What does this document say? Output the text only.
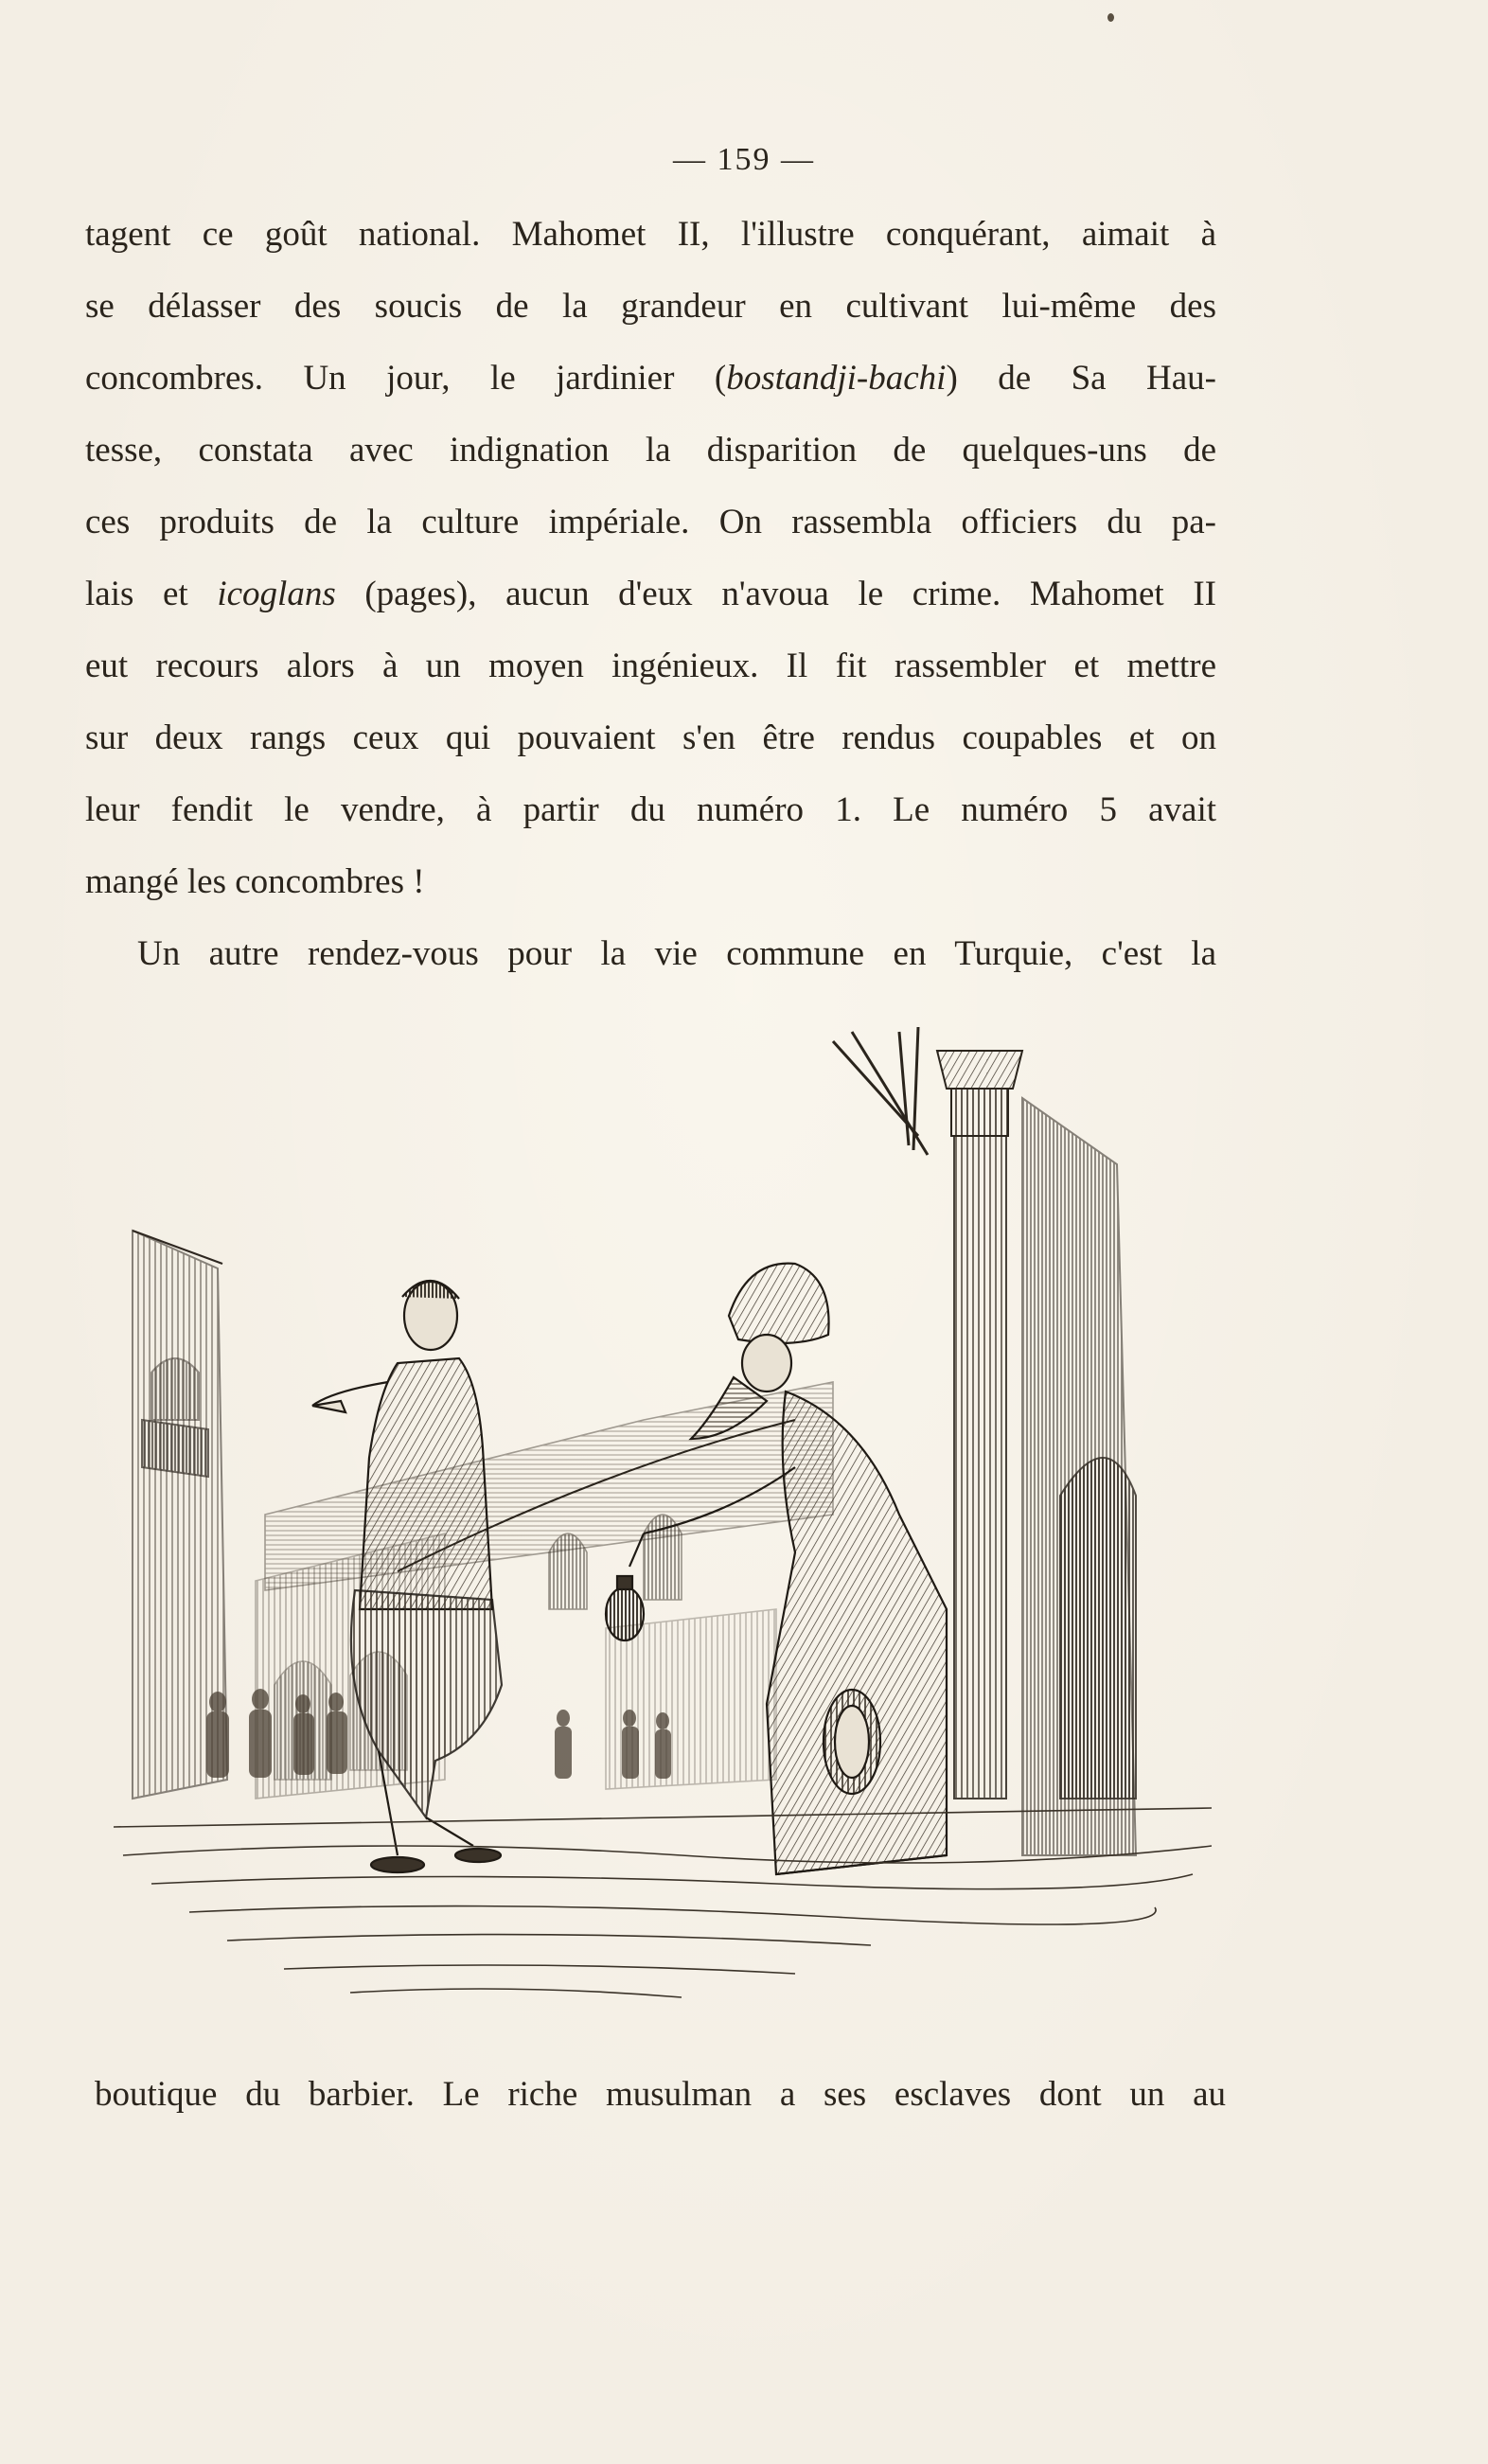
— 159 —
tagent ce goût national. Mahomet II, l'illustre conquérant, aimait à
se délasser des soucis de la grandeur en cultivant lui-même des
concombres. Un jour, le jardinier (bostandji-bachi) de Sa Hau-
tesse, constata avec indignation la disparition de quelques-uns de
ces produits de la culture impériale. On rassembla officiers du pa-
lais et icoglans (pages), aucun d'eux n'avoua le crime. Mahomet II
eut recours alors à un moyen ingénieux. Il fit rassembler et mettre
sur deux rangs ceux qui pouvaient s'en être rendus coupables et on
leur fendit le vendre, à partir du numéro 1. Le numéro 5 avait
mangé les concombres !
Un autre rendez-vous pour la vie commune en Turquie, c'est la
boutique du barbier. Le riche musulman a ses esclaves dont un au
